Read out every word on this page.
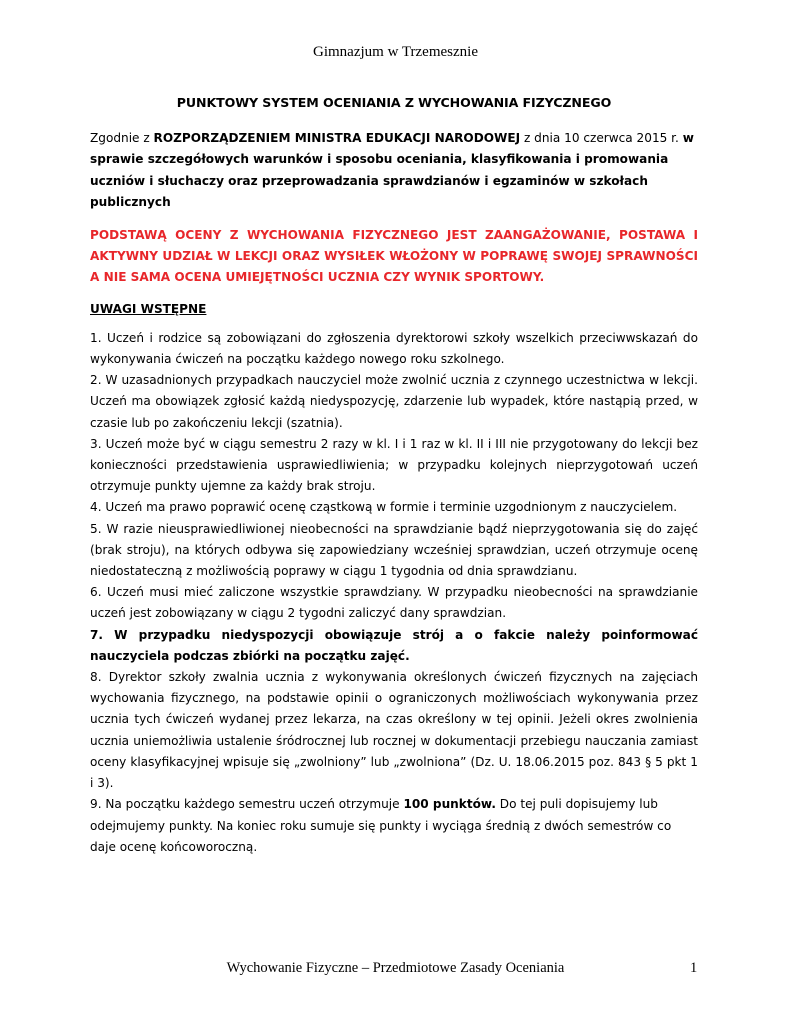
Gimnazjum w Trzemesznie

PUNKTOWY SYSTEM OCENIANIA Z WYCHOWANIA FIZYCZNEGO

Zgodnie z ROZPORZĄDZENIEM MINISTRA EDUKACJI NARODOWEJ z dnia 10 czerwca 2015 r. w sprawie szczegółowych warunków i sposobu oceniania, klasyfikowania i promowania uczniów i słuchaczy oraz przeprowadzania sprawdzianów i egzaminów w szkołach publicznych

PODSTAWĄ OCENY Z WYCHOWANIA FIZYCZNEGO JEST ZAANGAŻOWANIE, POSTAWA I AKTYWNY UDZIAŁ W LEKCJI ORAZ WYSIŁEK WŁOŻONY W POPRAWĘ SWOJEJ SPRAWNOŚCI A NIE SAMA OCENA UMIEJĘTNOŚCI UCZNIA CZY WYNIK SPORTOWY.

UWAGI WSTĘPNE

1. Uczeń i rodzice są zobowiązani do zgłoszenia dyrektorowi szkoły wszelkich przeciwwskazań do wykonywania ćwiczeń na początku każdego nowego roku szkolnego.

2. W uzasadnionych przypadkach nauczyciel może zwolnić ucznia z czynnego uczestnictwa w lekcji. Uczeń ma obowiązek zgłosić każdą niedyspozycję, zdarzenie lub wypadek, które nastąpią przed, w czasie lub po zakończeniu lekcji (szatnia).

3. Uczeń może być w ciągu semestru 2 razy w kl. I i 1 raz w kl. II i III nie przygotowany do lekcji bez konieczności przedstawienia usprawiedliwienia; w przypadku kolejnych nieprzygotowań uczeń otrzymuje punkty ujemne za każdy brak stroju.

4. Uczeń ma prawo poprawić ocenę cząstkową w formie i terminie uzgodnionym z nauczycielem.

5. W razie nieusprawiedliwionej nieobecności na sprawdzianie bądź nieprzygotowania się do zajęć (brak stroju), na których odbywa się zapowiedziany wcześniej sprawdzian, uczeń otrzymuje ocenę niedostateczną z możliwością poprawy w ciągu 1 tygodnia od dnia sprawdzianu.

6. Uczeń musi mieć zaliczone wszystkie sprawdziany. W przypadku nieobecności na sprawdzianie uczeń jest zobowiązany w ciągu 2 tygodni zaliczyć dany sprawdzian.

7. W przypadku niedyspozycji obowiązuje strój a o fakcie należy poinformować nauczyciela podczas zbiórki na początku zajęć.

8. Dyrektor szkoły zwalnia ucznia z wykonywania określonych ćwiczeń fizycznych na zajęciach wychowania fizycznego, na podstawie opinii o ograniczonych możliwościach wykonywania przez ucznia tych ćwiczeń wydanej przez lekarza, na czas określony w tej opinii. Jeżeli okres zwolnienia ucznia uniemożliwia ustalenie śródrocznej lub rocznej w dokumentacji przebiegu nauczania zamiast oceny klasyfikacyjnej wpisuje się „zwolniony” lub „zwolniona” (Dz. U. 18.06.2015 poz. 843 § 5 pkt 1 i 3).

9. Na początku każdego semestru uczeń otrzymuje 100 punktów. Do tej puli dopisujemy lub odejmujemy punkty. Na koniec roku sumuje się punkty i wyciąga średnią z dwóch semestrów co daje ocenę końcoworoczną.

Wychowanie Fizyczne – Przedmiotowe Zasady Oceniania	1
